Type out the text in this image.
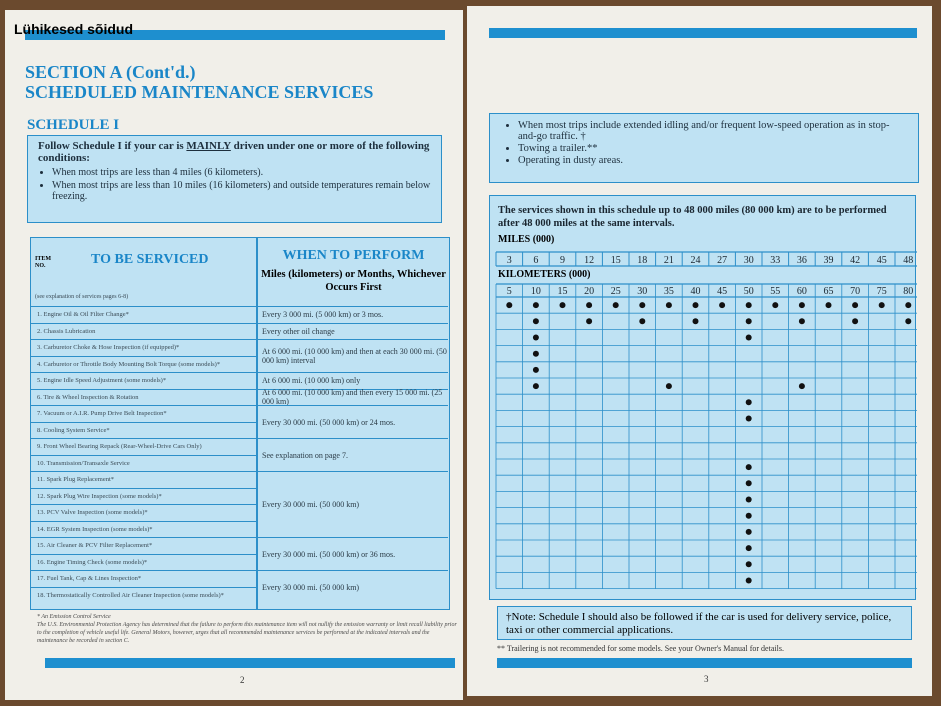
Lühikesed sõidud
SECTION A (Cont'd.)
SCHEDULED MAINTENANCE SERVICES
SCHEDULE I
Follow Schedule I if your car is MAINLY driven under one or more of the following conditions:
• When most trips are less than 4 miles (6 kilometers).
• When most trips are less than 10 miles (16 kilometers) and outside temperatures remain below freezing.
ITEM NO.	TO BE SERVICED	WHEN TO PERFORM
Miles (kilometers) or Months, Whichever Occurs First
(see explanation of services pages 6-8)
1. Engine Oil & Oil Filter Change*
2. Chassis Lubrication
3. Carburetor Choke & Hose Inspection (if equipped)*
4. Carburetor or Throttle Body Mounting Bolt Torque (some models)*
5. Engine Idle Speed Adjustment (some models)*
6. Tire & Wheel Inspection & Rotation
7. Vacuum or A.I.R. Pump Drive Belt Inspection*
8. Cooling System Service*
9. Front Wheel Bearing Repack (Rear-Wheel-Drive Cars Only)
10. Transmission/Transaxle Service
11. Spark Plug Replacement*
12. Spark Plug Wire Inspection (some models)*
13. PCV Valve Inspection (some models)*
14. EGR System Inspection (some models)*
15. Air Cleaner & PCV Filter Replacement*
16. Engine Timing Check (some models)*
17. Fuel Tank, Cap & Lines Inspection*
18. Thermostatically Controlled Air Cleaner Inspection (some models)*
Every 3 000 mi. (5 000 km) or 3 mos.
Every other oil change
At 6 000 mi. (10 000 km) and then at each 30 000 mi. (50 000 km) interval
At 6 000 mi. (10 000 km) only
At 6 000 mi. (10 000 km) and then every 15 000 mi. (25 000 km)
Every 30 000 mi. (50 000 km) or 24 mos.
See explanation on page 7.
Every 30 000 mi. (50 000 km)
Every 30 000 mi. (50 000 km) or 36 mos.
Every 30 000 mi. (50 000 km)
* An Emission Control Service
The U.S. Environmental Protection Agency has determined that the failure to perform this maintenance item will not nullify the emission warranty or limit recall liability prior to the completion of vehicle useful life. General Motors, however, urges that all recommended maintenance services be performed at the indicated intervals and the maintenance be recorded in section C.
2
• When most trips include extended idling and/or frequent low-speed operation as in stop-and-go traffic. †
• Towing a trailer.**
• Operating in dusty areas.
The services shown in this schedule up to 48 000 miles (80 000 km) are to be performed after 48 000 miles at the same intervals.
MILES (000)
KILOMETERS (000)
3 6 9 12 15 18 21 24 27 30 33 36 39 42 45 48
5 10 15 20 25 30 35 40 45 50 55 60 65 70 75 80
†Note: Schedule I should also be followed if the car is used for delivery service, police, taxi or other commercial applications.
** Trailering is not recommended for some models. See your Owner's Manual for details.
3
